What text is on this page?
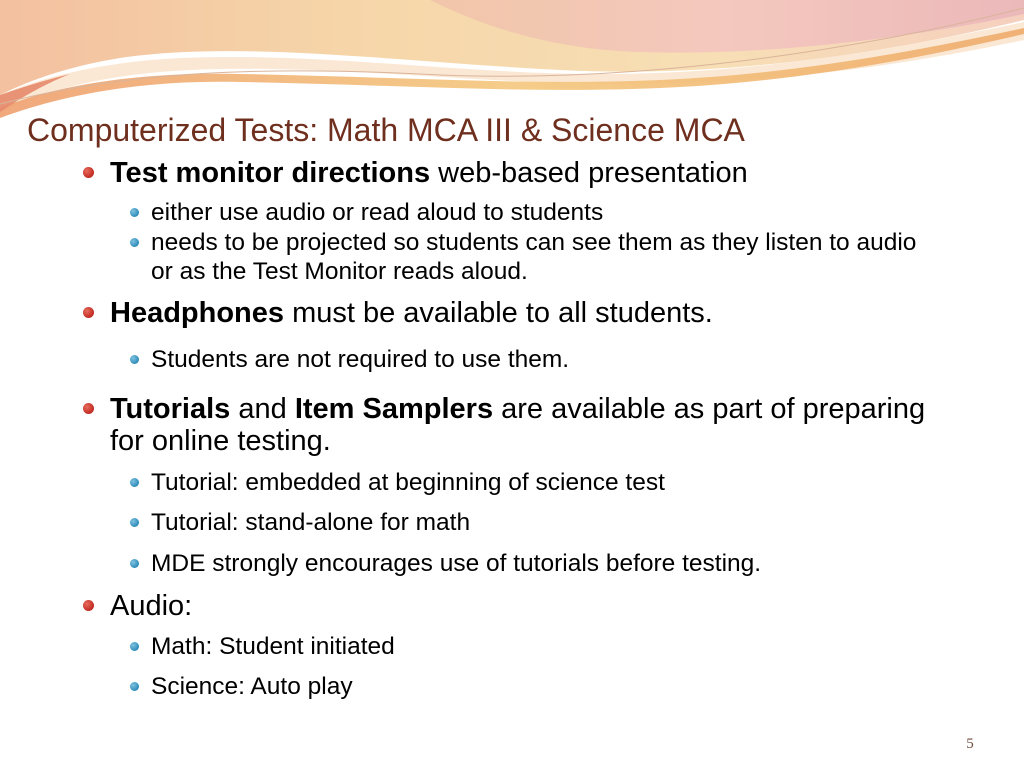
Computerized Tests: Math MCA III & Science MCA
Test monitor directions web-based presentation
either use audio or read aloud to students
needs to be projected so students can see them as they listen to audio or as the Test Monitor reads aloud.
Headphones must be available to all students.
Students are not required to use them.
Tutorials and Item Samplers are available as part of preparing for online testing.
Tutorial: embedded at beginning of science test
Tutorial: stand-alone for math
MDE strongly encourages use of tutorials before testing.
Audio:
Math: Student initiated
Science: Auto play
5
